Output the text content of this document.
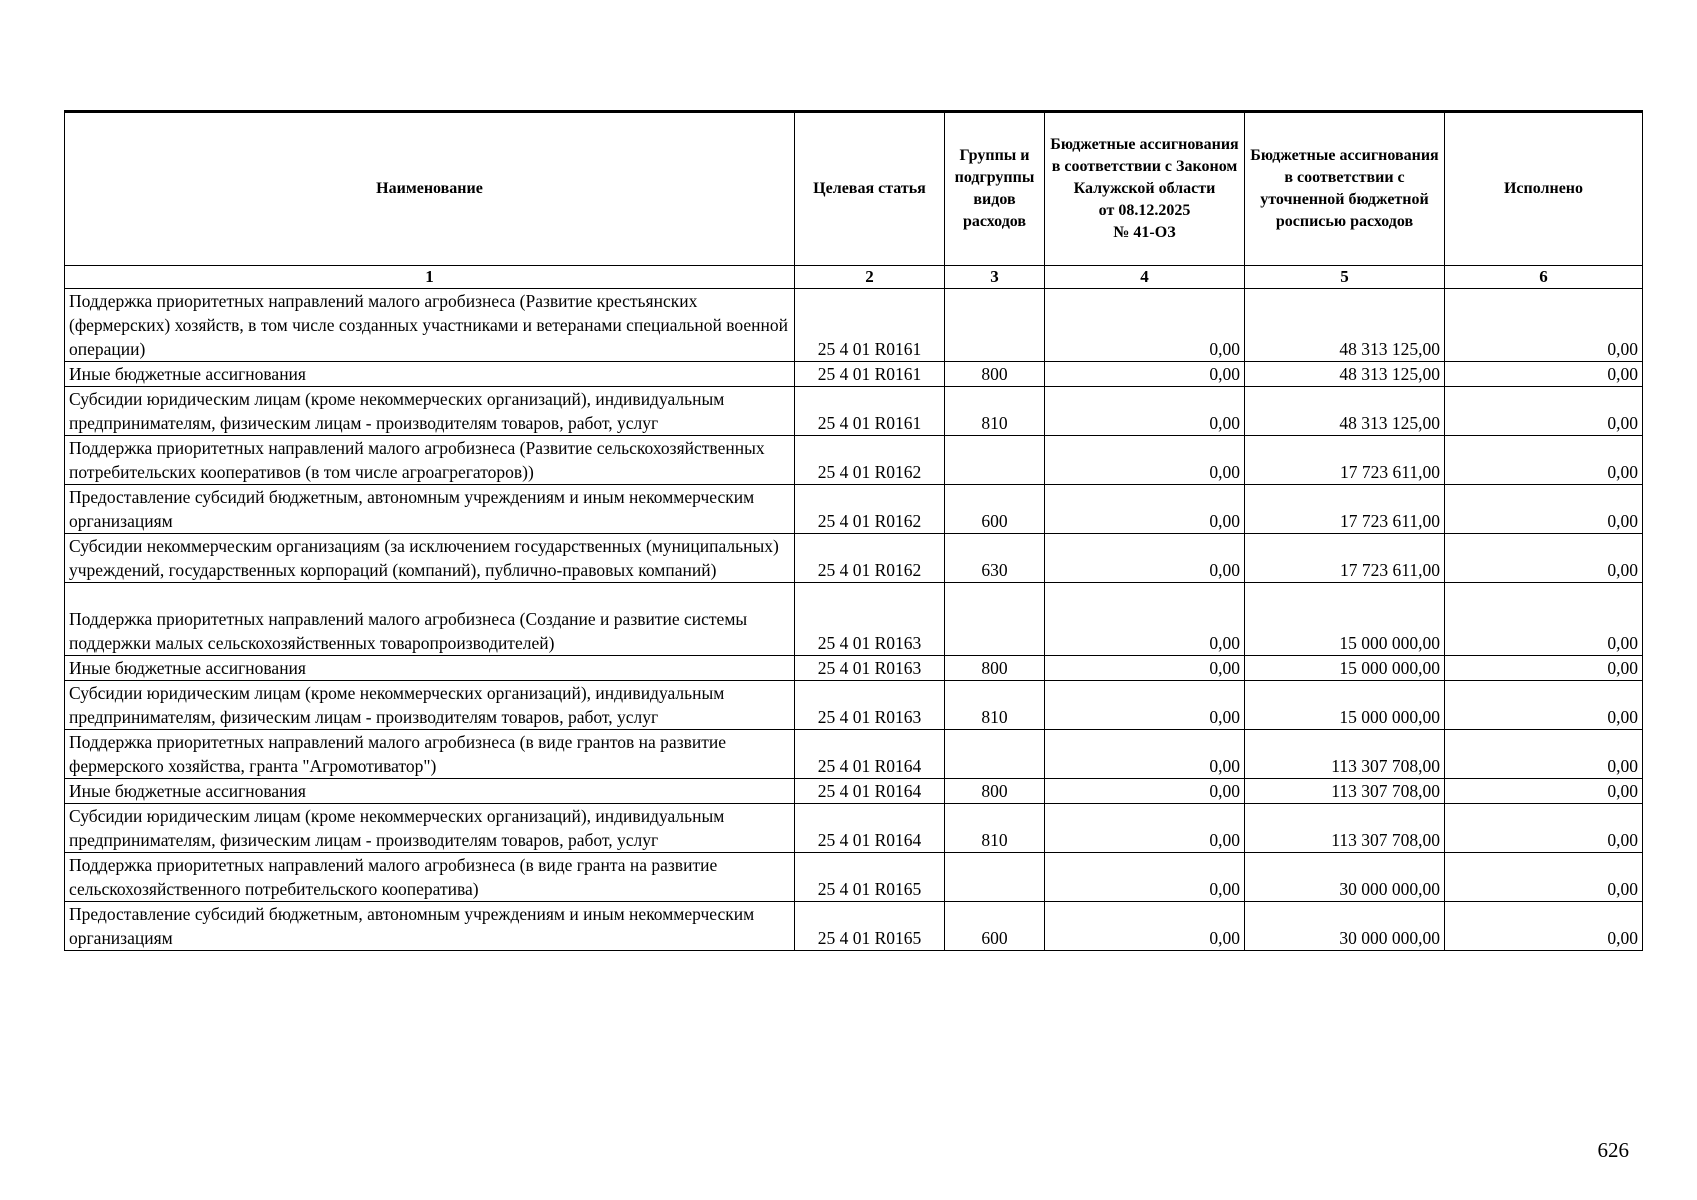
Наименование	Целевая статья	Группы и подгруппы видов расходов	Бюджетные ассигнования в соответствии с Законом Калужской области
от 08.12.2025
№ 41-ОЗ	Бюджетные ассигнования в соответствии с уточненной бюджетной росписью расходов	Исполнено
1	2	3	4	5	6
Поддержка приоритетных направлений малого агробизнеса (Развитие крестьянских (фермерских) хозяйств, в том числе созданных участниками и ветеранами специальной военной операции)	25 4 01 R0161		0,00	48 313 125,00	0,00
Иные бюджетные ассигнования	25 4 01 R0161	800	0,00	48 313 125,00	0,00
Субсидии юридическим лицам (кроме некоммерческих организаций), индивидуальным предпринимателям, физическим лицам - производителям товаров, работ, услуг	25 4 01 R0161	810	0,00	48 313 125,00	0,00
Поддержка приоритетных направлений малого агробизнеса (Развитие сельскохозяйственных потребительских кооперативов (в том числе агроагрегаторов))	25 4 01 R0162		0,00	17 723 611,00	0,00
Предоставление субсидий бюджетным, автономным учреждениям и иным некоммерческим организациям	25 4 01 R0162	600	0,00	17 723 611,00	0,00
Субсидии некоммерческим организациям (за исключением государственных (муниципальных) учреждений, государственных корпораций (компаний), публично-правовых компаний)	25 4 01 R0162	630	0,00	17 723 611,00	0,00
Поддержка приоритетных направлений малого агробизнеса (Создание и развитие системы поддержки малых сельскохозяйственных товаропроизводителей)	25 4 01 R0163		0,00	15 000 000,00	0,00
Иные бюджетные ассигнования	25 4 01 R0163	800	0,00	15 000 000,00	0,00
Субсидии юридическим лицам (кроме некоммерческих организаций), индивидуальным предпринимателям, физическим лицам - производителям товаров, работ, услуг	25 4 01 R0163	810	0,00	15 000 000,00	0,00
Поддержка приоритетных направлений малого агробизнеса (в виде грантов на развитие фермерского хозяйства, гранта "Агромотиватор")	25 4 01 R0164		0,00	113 307 708,00	0,00
Иные бюджетные ассигнования	25 4 01 R0164	800	0,00	113 307 708,00	0,00
Субсидии юридическим лицам (кроме некоммерческих организаций), индивидуальным предпринимателям, физическим лицам - производителям товаров, работ, услуг	25 4 01 R0164	810	0,00	113 307 708,00	0,00
Поддержка приоритетных направлений малого агробизнеса (в виде гранта на развитие сельскохозяйственного потребительского кооператива)	25 4 01 R0165		0,00	30 000 000,00	0,00
Предоставление субсидий бюджетным, автономным учреждениям и иным некоммерческим организациям	25 4 01 R0165	600	0,00	30 000 000,00	0,00
626
